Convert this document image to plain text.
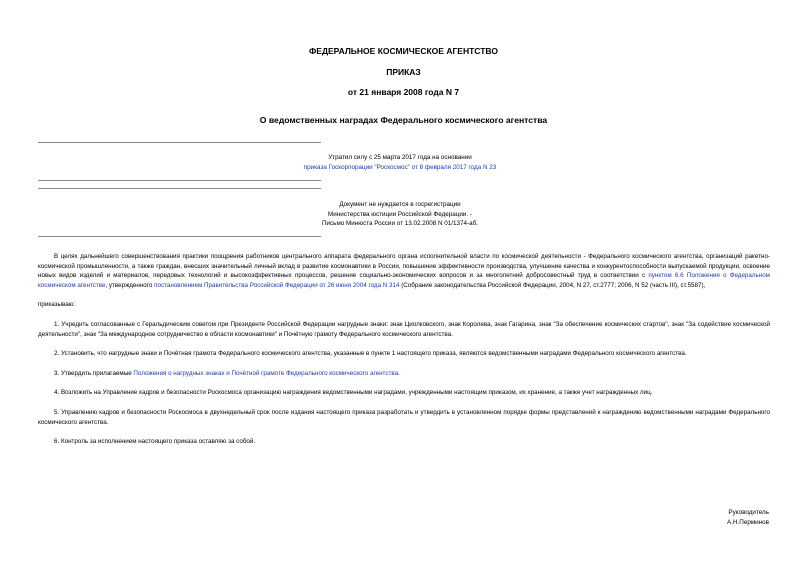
ФЕДЕРАЛЬНОЕ КОСМИЧЕСКОЕ АГЕНТСТВО
ПРИКАЗ
от 21 января 2008 года N 7
О ведомственных наградах Федерального космического агентства
Утратил силу с 25 марта 2017 года на основании
приказа Госкорпорации "Роскосмос" от 8 февраля 2017 года N 23
Документ не нуждается в госрегистрации
Министерства юстиции Российской Федерации. -
Письмо Минюста России от 13.02.2008 N 01/1374-аб.

В целях дальнейшего совершенствования практики поощрения работников центрального аппарата федерального органа исполнительной власти по космической деятельности - Федерального космического агентства, организаций ракетно-космической промышленности, а также граждан, внесших значительный личный вклад в развитие космонавтики в России, повышение эффективности производства, улучшение качества и конкурентоспособности выпускаемой продукции, освоение новых видов изделий и материалов, передовых технологий и высокоэффективных процессов, решение социально-экономических вопросов и за многолетний добросовестный труд в соответствии с пунктом 6.6 Положения о Федеральном космическом агентстве, утвержденного постановлением Правительства Российской Федерации от 26 июня 2004 года N 314 (Собрание законодательства Российской Федерации, 2004, N 27, ст.2777; 2006, N 52 (часть III), ст.5587),

приказываю:

1. Учредить согласованные с Геральдическим советом при Президенте Российской Федерации нагрудные знаки: знак Циолковского, знак Королева, знак Гагарина, знак "За обеспечение космических стартов", знак "За содействие космической деятельности", знак "За международное сотрудничество в области космонавтики" и Почётную грамоту Федерального космического агентства.

2. Установить, что нагрудные знаки и Почётная грамота Федерального космического агентства, указанные в пункте 1 настоящего приказа, являются ведомственными наградами Федерального космического агентства.

3. Утвердить прилагаемые Положения о нагрудных знаках и Почётной грамоте Федерального космического агентства.

4. Возложить на Управление кадров и безопасности Роскосмоса организацию награждения ведомственными наградами, учрежденными настоящим приказом, их хранение, а также учет награжденных лиц.

5. Управлению кадров и безопасности Роскосмоса в двухнедельный срок после издания настоящего приказа разработать и утвердить в установленном порядке формы представлений к награждению ведомственными наградами Федерального космического агентства.

6. Контроль за исполнением настоящего приказа оставляю за собой.

Руководитель
А.Н.Перминов
